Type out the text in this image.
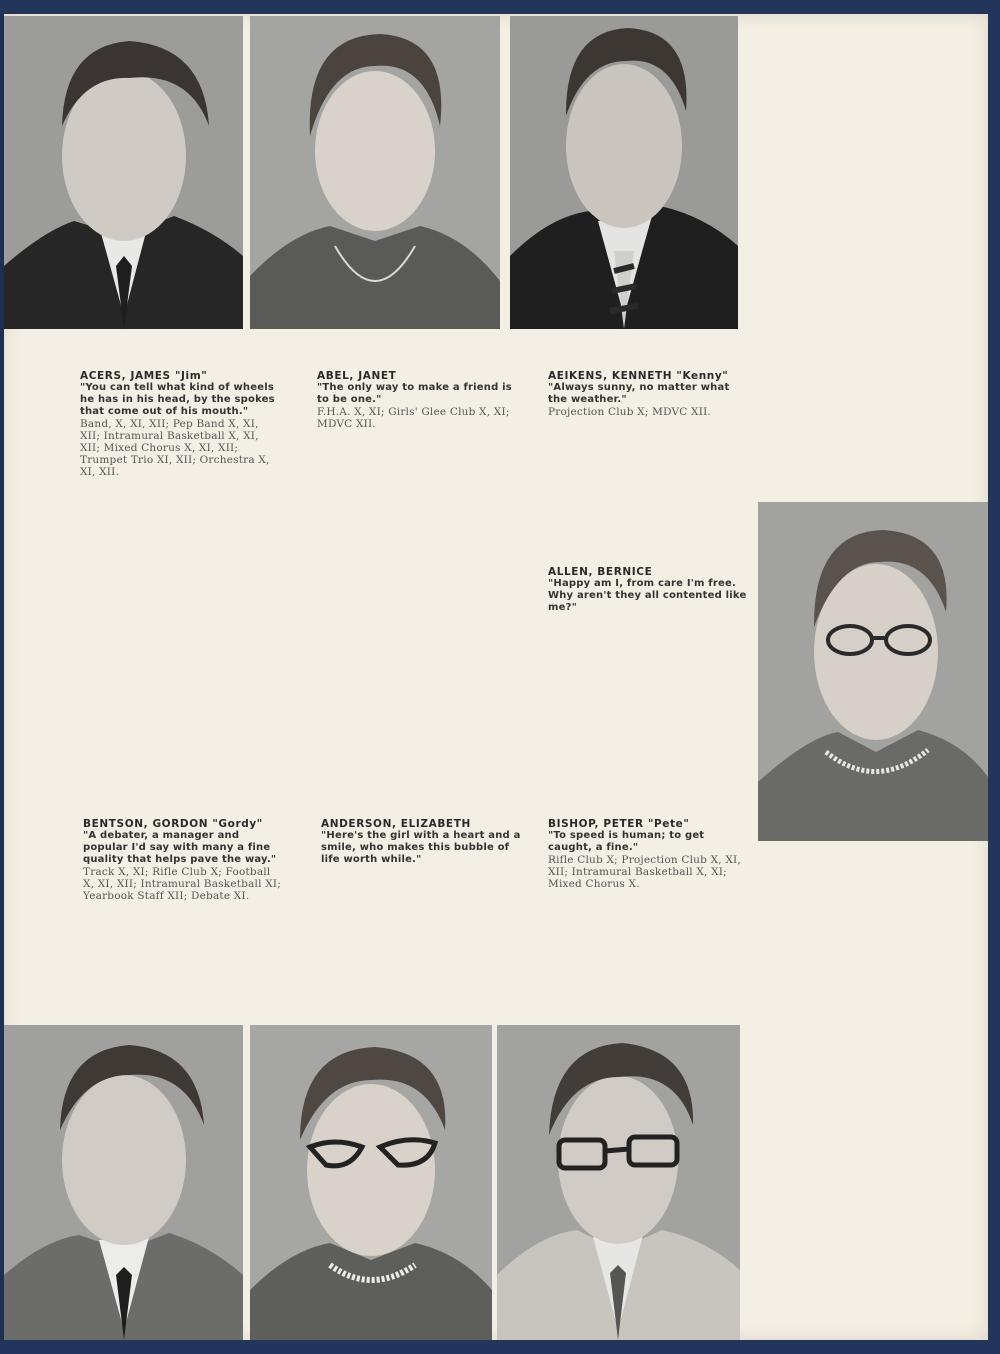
ACERS, JAMES "Jim"
"You can tell what kind of wheels he has in his head, by the spokes that come out of his mouth."
Band, X, XI, XII; Pep Band X, XI, XII; Intramural Basketball X, XI, XII; Mixed Chorus X, XI, XII; Trumpet Trio XI, XII; Orchestra X, XI, XII.
ABEL, JANET
"The only way to make a friend is to be one."
F.H.A. X, XI; Girls' Glee Club X, XI; MDVC XII.
AEIKENS, KENNETH "Kenny"
"Always sunny, no matter what the weather."
Projection Club X; MDVC XII.
ALLEN, BERNICE
"Happy am I, from care I'm free. Why aren't they all contented like me?"
BENTSON, GORDON "Gordy"
"A debater, a manager and popular I'd say with many a fine quality that helps pave the way."
Track X, XI; Rifle Club X; Football X, XI, XII; Intramural Basketball XI; Yearbook Staff XII; Debate XI.
ANDERSON, ELIZABETH
"Here's the girl with a heart and a smile, who makes this bubble of life worth while."
BISHOP, PETER "Pete"
"To speed is human; to get caught, a fine."
Rifle Club X; Projection Club X, XI, XII; Intramural Basketball X, XI; Mixed Chorus X.
